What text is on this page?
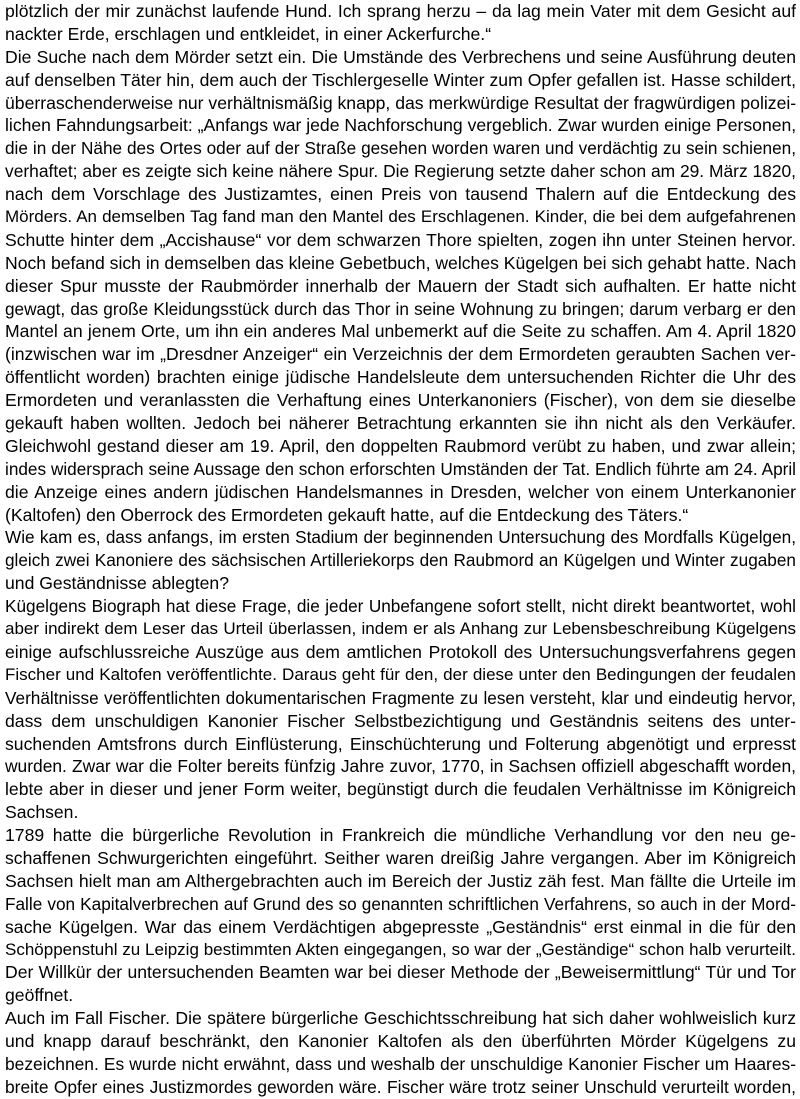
plötzlich der mir zunächst laufende Hund. Ich sprang herzu – da lag mein Vater mit dem Gesicht auf
nackter Erde, erschlagen und entkleidet, in einer Ackerfurche.“
Die Suche nach dem Mörder setzt ein. Die Umstände des Verbrechens und seine Ausführung deuten
auf denselben Täter hin, dem auch der Tischlergeselle Winter zum Opfer gefallen ist. Hasse schildert,
überraschenderweise nur verhältnismäßig knapp, das merkwürdige Resultat der fragwürdigen polizei-
lichen Fahndungsarbeit: „Anfangs war jede Nachforschung vergeblich. Zwar wurden einige Personen,
die in der Nähe des Ortes oder auf der Straße gesehen worden waren und verdächtig zu sein schienen,
verhaftet; aber es zeigte sich keine nähere Spur. Die Regierung setzte daher schon am 29. März 1820,
nach dem Vorschlage des Justizamtes, einen Preis von tausend Thalern auf die Entdeckung des
Mörders. An demselben Tag fand man den Mantel des Erschlagenen. Kinder, die bei dem aufgefahrenen
Schutte hinter dem „Accishause“ vor dem schwarzen Thore spielten, zogen ihn unter Steinen hervor.
Noch befand sich in demselben das kleine Gebetbuch, welches Kügelgen bei sich gehabt hatte. Nach
dieser Spur musste der Raubmörder innerhalb der Mauern der Stadt sich aufhalten. Er hatte nicht
gewagt, das große Kleidungsstück durch das Thor in seine Wohnung zu bringen; darum verbarg er den
Mantel an jenem Orte, um ihn ein anderes Mal unbemerkt auf die Seite zu schaffen. Am 4. April 1820
(inzwischen war im „Dresdner Anzeiger“ ein Verzeichnis der dem Ermordeten geraubten Sachen ver-
öffentlicht worden) brachten einige jüdische Handelsleute dem untersuchenden Richter die Uhr des
Ermordeten und veranlassten die Verhaftung eines Unterkanoniers (Fischer), von dem sie dieselbe
gekauft haben wollten. Jedoch bei näherer Betrachtung erkannten sie ihn nicht als den Verkäufer.
Gleichwohl gestand dieser am 19. April, den doppelten Raubmord verübt zu haben, und zwar allein;
indes widersprach seine Aussage den schon erforschten Umständen der Tat. Endlich führte am 24. April
die Anzeige eines andern jüdischen Handelsmannes in Dresden, welcher von einem Unterkanonier
(Kaltofen) den Oberrock des Ermordeten gekauft hatte, auf die Entdeckung des Täters.“
Wie kam es, dass anfangs, im ersten Stadium der beginnenden Untersuchung des Mordfalls Kügelgen,
gleich zwei Kanoniere des sächsischen Artilleriekorps den Raubmord an Kügelgen und Winter zugaben
und Geständnisse ablegten?
Kügelgens Biograph hat diese Frage, die jeder Unbefangene sofort stellt, nicht direkt beantwortet, wohl
aber indirekt dem Leser das Urteil überlassen, indem er als Anhang zur Lebensbeschreibung Kügelgens
einige aufschlussreiche Auszüge aus dem amtlichen Protokoll des Untersuchungsverfahrens gegen
Fischer und Kaltofen veröffentlichte. Daraus geht für den, der diese unter den Bedingungen der feudalen
Verhältnisse veröffentlichten dokumentarischen Fragmente zu lesen versteht, klar und eindeutig hervor,
dass dem unschuldigen Kanonier Fischer Selbstbezichtigung und Geständnis seitens des unter-
suchenden Amtsfrons durch Einflüsterung, Einschüchterung und Folterung abgenötigt und erpresst
wurden. Zwar war die Folter bereits fünfzig Jahre zuvor, 1770, in Sachsen offiziell abgeschafft worden,
lebte aber in dieser und jener Form weiter, begünstigt durch die feudalen Verhältnisse im Königreich
Sachsen.
1789 hatte die bürgerliche Revolution in Frankreich die mündliche Verhandlung vor den neu ge-
schaffenen Schwurgerichten eingeführt. Seither waren dreißig Jahre vergangen. Aber im Königreich
Sachsen hielt man am Althergebrachten auch im Bereich der Justiz zäh fest. Man fällte die Urteile im
Falle von Kapitalverbrechen auf Grund des so genannten schriftlichen Verfahrens, so auch in der Mord-
sache Kügelgen. War das einem Verdächtigen abgepresste „Geständnis“ erst einmal in die für den
Schöppenstuhl zu Leipzig bestimmten Akten eingegangen, so war der „Geständige“ schon halb verurteilt.
Der Willkür der untersuchenden Beamten war bei dieser Methode der „Beweisermittlung“ Tür und Tor
geöffnet.
Auch im Fall Fischer. Die spätere bürgerliche Geschichtsschreibung hat sich daher wohlweislich kurz
und knapp darauf beschränkt, den Kanonier Kaltofen als den überführten Mörder Kügelgens zu
bezeichnen. Es wurde nicht erwähnt, dass und weshalb der unschuldige Kanonier Fischer um Haares-
breite Opfer eines Justizmordes geworden wäre. Fischer wäre trotz seiner Unschuld verurteilt worden,
